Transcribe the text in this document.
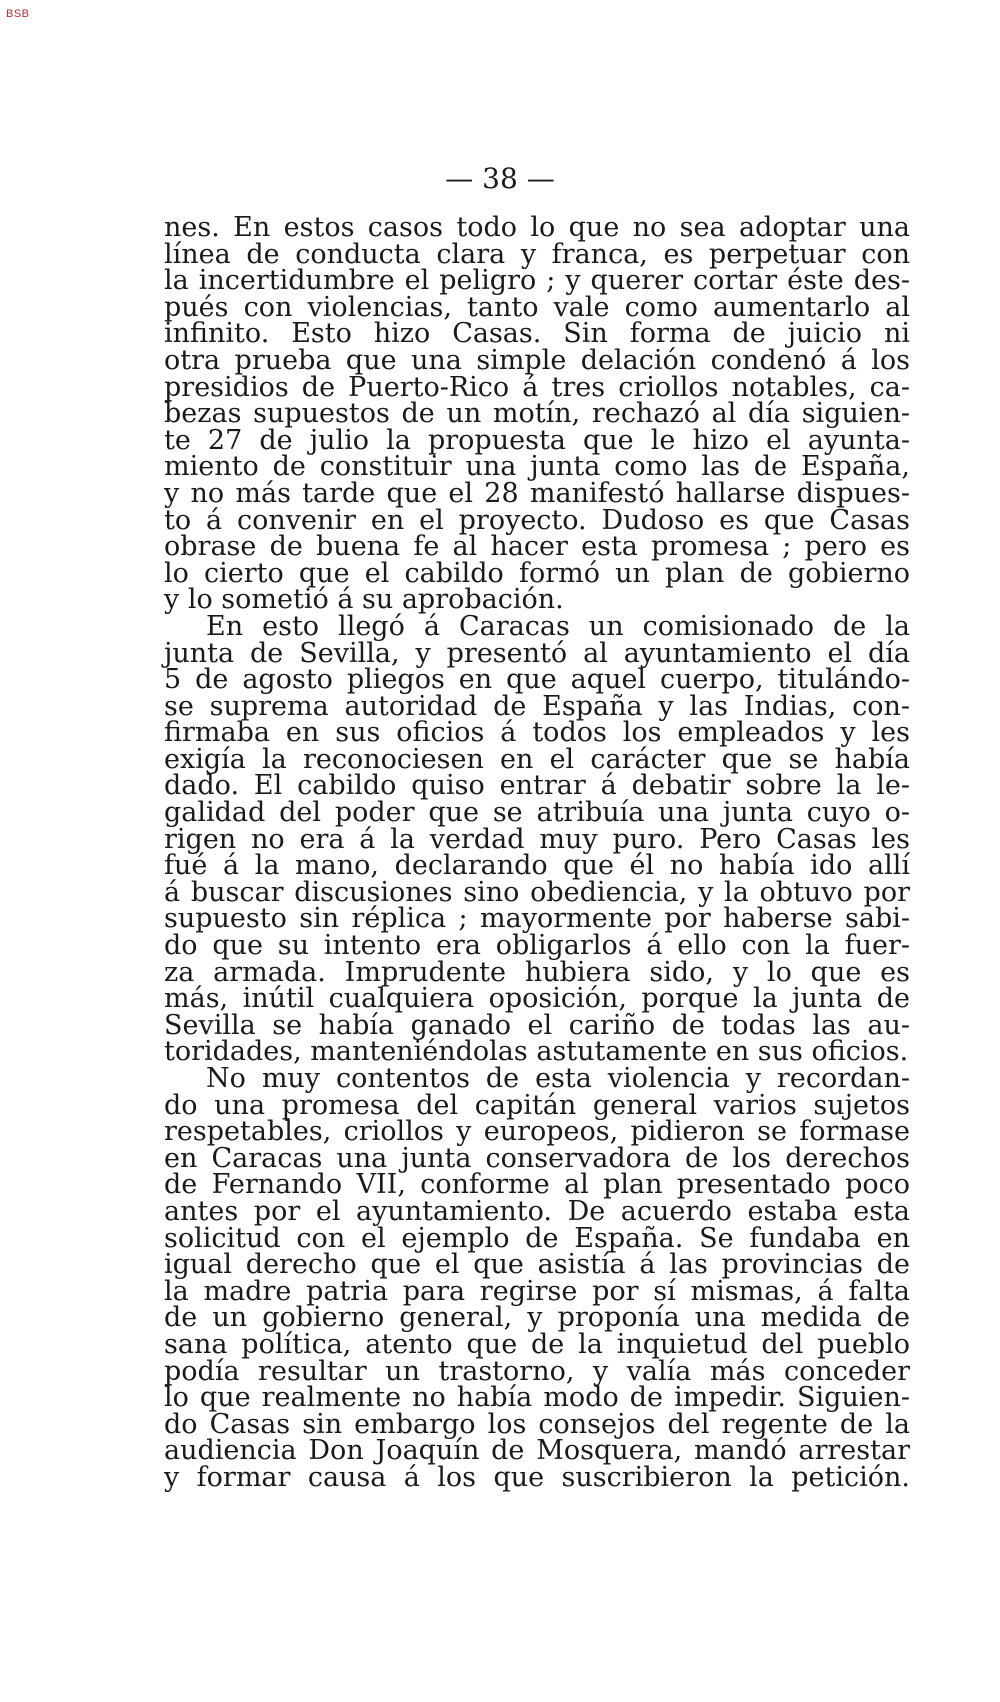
BSB
— 38 —
nes. En estos casos todo lo que no sea adoptar una
línea de conducta clara y franca, es perpetuar con
la incertidumbre el peligro ; y querer cortar éste des-
pués con violencias, tanto vale como aumentarlo al
infinito. Esto hizo Casas. Sin forma de juicio ni
otra prueba que una simple delación condenó á los
presidios de Puerto-Rico á tres criollos notables, ca-
bezas supuestos de un motín, rechazó al día siguien-
te 27 de julio la propuesta que le hizo el ayunta-
miento de constituir una junta como las de España,
y no más tarde que el 28 manifestó hallarse dispues-
to á convenir en el proyecto. Dudoso es que Casas
obrase de buena fe al hacer esta promesa ; pero es
lo cierto que el cabildo formó un plan de gobierno
y lo sometió á su aprobación.
En esto llegó á Caracas un comisionado de la
junta de Sevilla, y presentó al ayuntamiento el día
5 de agosto pliegos en que aquel cuerpo, titulándo-
se suprema autoridad de España y las Indias, con-
firmaba en sus oficios á todos los empleados y les
exigía la reconociesen en el carácter que se había
dado. El cabildo quiso entrar á debatir sobre la le-
galidad del poder que se atribuía una junta cuyo o-
rigen no era á la verdad muy puro. Pero Casas les
fué á la mano, declarando que él no había ido allí
á buscar discusiones sino obediencia, y la obtuvo por
supuesto sin réplica ; mayormente por haberse sabi-
do que su intento era obligarlos á ello con la fuer-
za armada. Imprudente hubiera sido, y lo que es
más, inútil cualquiera oposición, porque la junta de
Sevilla se había ganado el cariño de todas las au-
toridades, manteniéndolas astutamente en sus oficios.
No muy contentos de esta violencia y recordan-
do una promesa del capitán general varios sujetos
respetables, criollos y europeos, pidieron se formase
en Caracas una junta conservadora de los derechos
de Fernando VII, conforme al plan presentado poco
antes por el ayuntamiento. De acuerdo estaba esta
solicitud con el ejemplo de España. Se fundaba en
igual derecho que el que asistía á las provincias de
la madre patria para regirse por sí mismas, á falta
de un gobierno general, y proponía una medida de
sana política, atento que de la inquietud del pueblo
podía resultar un trastorno, y valía más conceder
lo que realmente no había modo de impedir. Siguien-
do Casas sin embargo los consejos del regente de la
audiencia Don Joaquín de Mosquera, mandó arrestar
y formar causa á los que suscribieron la petición.
